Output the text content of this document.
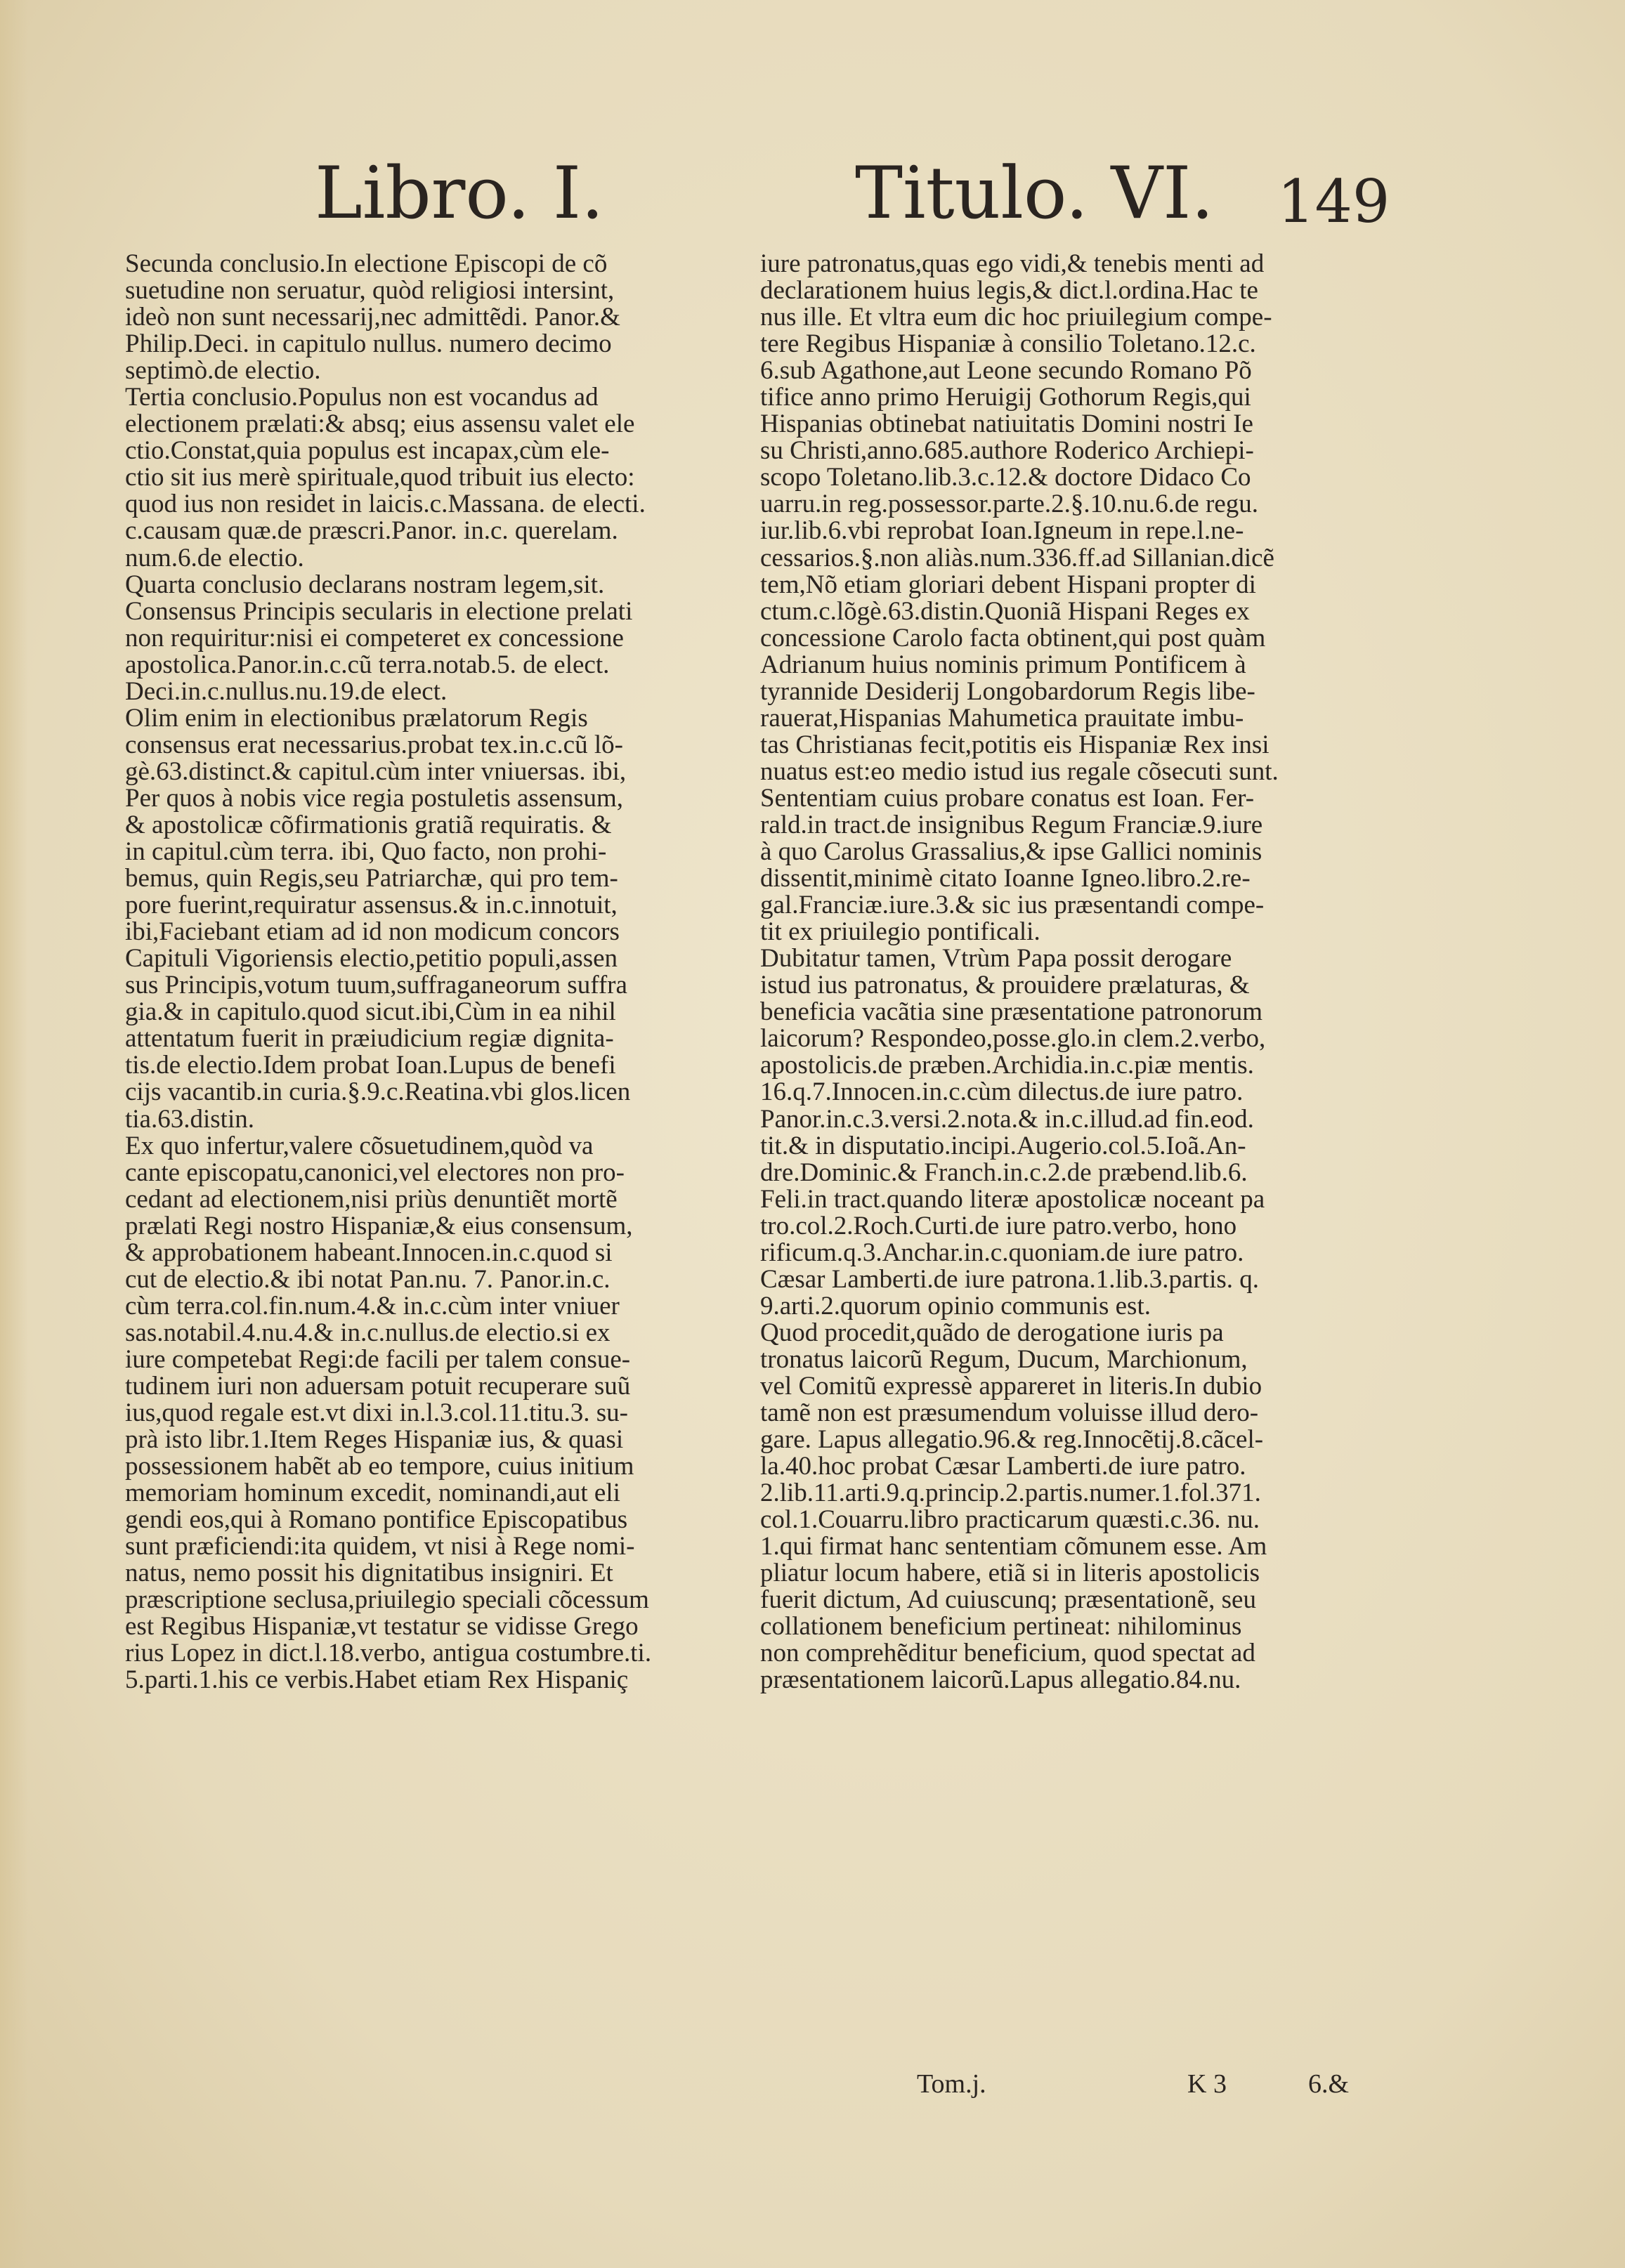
Libro. I.	Titulo. VI. 149
Secunda conclusio.In electione Episcopi de cõ
suetudine non seruatur, quòd religiosi intersint,
ideò non sunt necessarij,nec admittẽdi. Panor.&
Philip.Deci. in capitulo nullus. numero decimo
septimò.de electio.
Tertia conclusio.Populus non est vocandus ad
electionem prælati:& absq; eius assensu valet ele
ctio.Constat,quia populus est incapax,cùm ele-
ctio sit ius merè spirituale,quod tribuit ius electo:
quod ius non residet in laicis.c.Massana. de electi.
c.causam quæ.de præscri.Panor. in.c. querelam.
num.6.de electio.
Quarta conclusio declarans nostram legem,sit.
Consensus Principis secularis in electione prelati
non requiritur:nisi ei competeret ex concessione
apostolica.Panor.in.c.cũ terra.notab.5. de elect.
Deci.in.c.nullus.nu.19.de elect.
Olim enim in electionibus prælatorum Regis
consensus erat necessarius.probat tex.in.c.cũ lõ-
gè.63.distinct.& capitul.cùm inter vniuersas. ibi,
Per quos à nobis vice regia postuletis assensum,
& apostolicæ cõfirmationis gratiã requiratis. &
in capitul.cùm terra. ibi, Quo facto, non prohi-
bemus, quin Regis,seu Patriarchæ, qui pro tem-
pore fuerint,requiratur assensus.& in.c.innotuit,
ibi,Faciebant etiam ad id non modicum concors
Capituli Vigoriensis electio,petitio populi,assen
sus Principis,votum tuum,suffraganeorum suffra
gia.& in capitulo.quod sicut.ibi,Cùm in ea nihil
attentatum fuerit in præiudicium regiæ dignita-
tis.de electio.Idem probat Ioan.Lupus de benefi
cijs vacantib.in curia.§.9.c.Reatina.vbi glos.licen
tia.63.distin.
Ex quo infertur,valere cõsuetudinem,quòd va
cante episcopatu,canonici,vel electores non pro-
cedant ad electionem,nisi priùs denuntiẽt mortẽ
prælati Regi nostro Hispaniæ,& eius consensum,
& approbationem habeant.Innocen.in.c.quod si
cut de electio.& ibi notat Pan.nu. 7. Panor.in.c.
cùm terra.col.fin.num.4.& in.c.cùm inter vniuer
sas.notabil.4.nu.4.& in.c.nullus.de electio.si ex
iure competebat Regi:de facili per talem consue-
tudinem iuri non aduersam potuit recuperare suũ
ius,quod regale est.vt dixi in.l.3.col.11.titu.3. su-
prà isto libr.1.Item Reges Hispaniæ ius, & quasi
possessionem habẽt ab eo tempore, cuius initium
memoriam hominum excedit, nominandi,aut eli
gendi eos,qui à Romano pontifice Episcopatibus
sunt præficiendi:ita quidem, vt nisi à Rege nomi-
natus, nemo possit his dignitatibus insigniri. Et
præscriptione seclusa,priuilegio speciali cõcessum
est Regibus Hispaniæ,vt testatur se vidisse Grego
rius Lopez in dict.l.18.verbo, antigua costumbre.ti.
5.parti.1.his ce verbis.Habet etiam Rex Hispaniç
iure patronatus,quas ego vidi,& tenebis menti ad
declarationem huius legis,& dict.l.ordina.Hac te
nus ille. Et vltra eum dic hoc priuilegium compe-
tere Regibus Hispaniæ à consilio Toletano.12.c.
6.sub Agathone,aut Leone secundo Romano Põ
tifice anno primo Heruigij Gothorum Regis,qui
Hispanias obtinebat natiuitatis Domini nostri Ie
su Christi,anno.685.authore Roderico Archiepi-
scopo Toletano.lib.3.c.12.& doctore Didaco Co
uarru.in reg.possessor.parte.2.§.10.nu.6.de regu.
iur.lib.6.vbi reprobat Ioan.Igneum in repe.l.ne-
cessarios.§.non aliàs.num.336.ff.ad Sillanian.dicẽ
tem,Nõ etiam gloriari debent Hispani propter di
ctum.c.lõgè.63.distin.Quoniã Hispani Reges ex
concessione Carolo facta obtinent,qui post quàm
Adrianum huius nominis primum Pontificem à
tyrannide Desiderij Longobardorum Regis libe-
rauerat,Hispanias Mahumetica prauitate imbu-
tas Christianas fecit,potitis eis Hispaniæ Rex insi
nuatus est:eo medio istud ius regale cõsecuti sunt.
Sententiam cuius probare conatus est Ioan. Fer-
rald.in tract.de insignibus Regum Franciæ.9.iure
à quo Carolus Grassalius,& ipse Gallici nominis
dissentit,minimè citato Ioanne Igneo.libro.2.re-
gal.Franciæ.iure.3.& sic ius præsentandi compe-
tit ex priuilegio pontificali.
Dubitatur tamen, Vtrùm Papa possit derogare
istud ius patronatus, & prouidere prælaturas, &
beneficia vacãtia sine præsentatione patronorum
laicorum? Respondeo,posse.glo.in clem.2.verbo,
apostolicis.de præben.Archidia.in.c.piæ mentis.
16.q.7.Innocen.in.c.cùm dilectus.de iure patro.
Panor.in.c.3.versi.2.nota.& in.c.illud.ad fin.eod.
tit.& in disputatio.incipi.Augerio.col.5.Ioã.An-
dre.Dominic.& Franch.in.c.2.de præbend.lib.6.
Feli.in tract.quando literæ apostolicæ noceant pa
tro.col.2.Roch.Curti.de iure patro.verbo, hono
rificum.q.3.Anchar.in.c.quoniam.de iure patro.
Cæsar Lamberti.de iure patrona.1.lib.3.partis. q.
9.arti.2.quorum opinio communis est.
Quod procedit,quãdo de derogatione iuris pa
tronatus laicorũ Regum, Ducum, Marchionum,
vel Comitũ expressè appareret in literis.In dubio
tamẽ non est præsumendum voluisse illud dero-
gare. Lapus allegatio.96.& reg.Innocẽtij.8.cãcel-
la.40.hoc probat Cæsar Lamberti.de iure patro.
2.lib.11.arti.9.q.princip.2.partis.numer.1.fol.371.
col.1.Couarru.libro practicarum quæsti.c.36. nu.
1.qui firmat hanc sententiam cõmunem esse. Am
pliatur locum habere, etiã si in literis apostolicis
fuerit dictum, Ad cuiuscunq; præsentationẽ, seu
collationem beneficium pertineat: nihilominus
non comprehẽditur beneficium, quod spectat ad
præsentationem laicorũ.Lapus allegatio.84.nu.
Tom.j.	K 3	6.&
